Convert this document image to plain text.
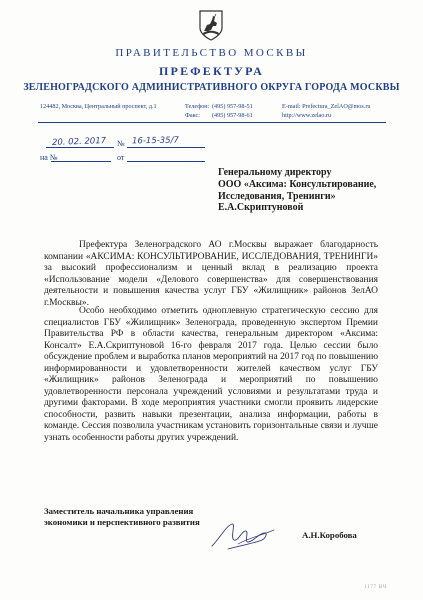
ПРАВИТЕЛЬСТВО МОСКВЫ
ПРЕФЕКТУРА
ЗЕЛЕНОГРАДСКОГО АДМИНИСТРАТИВНОГО ОКРУГА ГОРОДА МОСКВЫ
124482, Москва, Центральный проспект, д.1	Телефон: (495) 957-98-51
Факс: (495) 957-98-61
E-mail: Prefectura_ZelAO@mos.ru
http://www.zelao.ru
20. 02. 2017 № 16-15-35/7
на №	от
Генеральному директору
ООО «Аксима: Консультирование, Исследования, Тренинги»
Е.А.Скриптуновой

Префектура Зеленоградского АО г.Москвы выражает благодарность компании «АКСИМА: КОНСУЛЬТИРОВАНИЕ, ИССЛЕДОВАНИЯ, ТРЕНИНГИ» за высокий профессионализм и ценный вклад в реализацию проекта «Использование модели «Делового совершенства» для совершенствования деятельности и повышения качества услуг ГБУ «Жилищник» районов ЗелАО г.Москвы».

Особо необходимо отметить одноплевную стратегическую сессию для специалистов ГБУ «Жилищник» Зеленограда, проведенную экспертом Премии Правительства РФ в области качества, генеральным директором «Аксима: Консалт» Е.А.Скриптуновой 16-го февраля 2017 года. Целью сессии было обсуждение проблем и выработка планов мероприятий на 2017 год по повышению информированности и удовлетворенности жителей качеством услуг ГБУ «Жилищник» районов Зеленограда и мероприятий по повышению удовлетворенности персонала учреждений условиями и результатами труда и другими факторами. В ходе мероприятия участники смогли проявить лидерские способности, развить навыки презентации, анализа информации, работы в команде. Сессия позволила участникам установить горизонтальные связи и лучше узнать особенности работы других учреждений.

Заместитель начальника управления экономики и перспективного развития
А.Н.Коробова
1177 ВЧ
